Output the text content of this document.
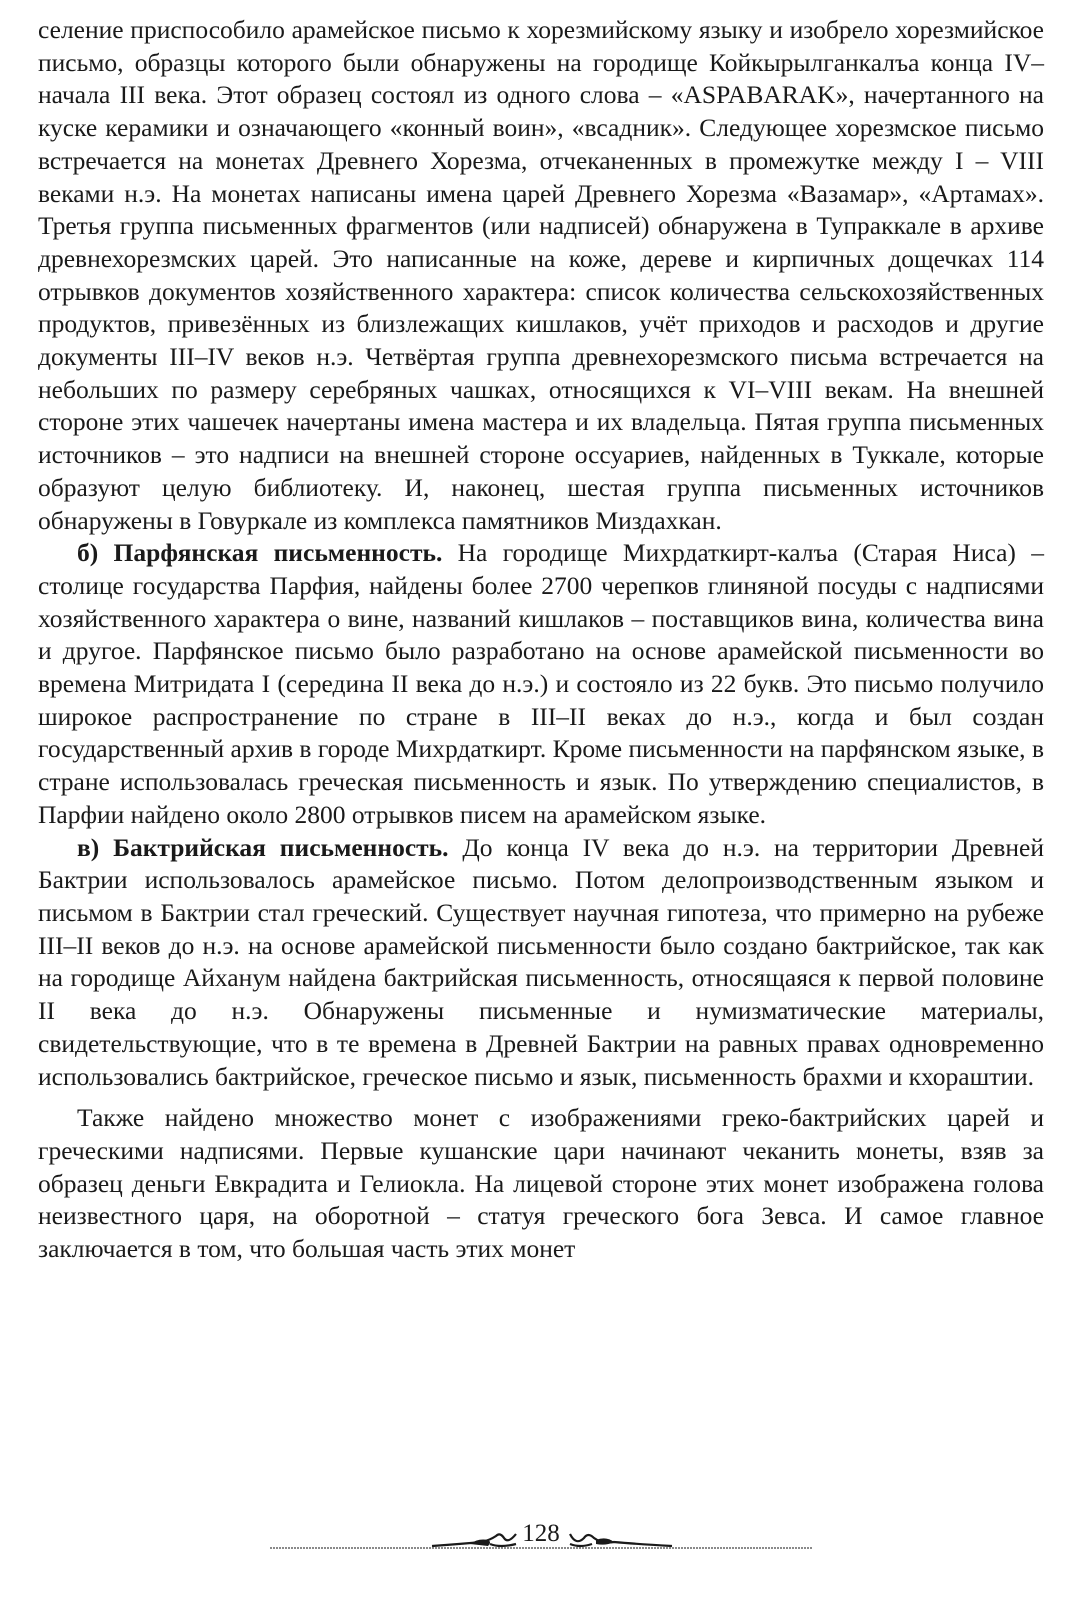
селение приспособило арамейское письмо к хорезмийскому языку и изобрело хорезмийское письмо, образцы которого были обнаружены на городище Койкырылганкалъа конца IV– начала III века. Этот образец состоял из одного слова – «ASPABARAK», начертанного на куске керамики и означающего «конный воин», «всадник». Следующее хорезмское письмо встречается на монетах Древнего Хорезма, отчеканенных в промежутке между I – VIII веками н.э. На монетах написаны имена царей Древнего Хорезма «Вазамар», «Артамах». Третья группа письменных фрагментов (или надписей) обнаружена в Тупраккале в архиве древнехорезмских царей. Это написанные на коже, дереве и кирпичных дощечках 114 отрывков документов хозяйственного характера: список количества сельскохозяйственных продуктов, привезённых из близлежащих кишлаков, учёт приходов и расходов и другие документы III–IV веков н.э. Четвёртая группа древнехорезмского письма встречается на небольших по размеру серебряных чашках, относящихся к VI–VIII векам. На внешней стороне этих чашечек начертаны имена мастера и их владельца. Пятая группа письменных источников – это надписи на внешней стороне оссуариев, найденных в Туккале, которые образуют целую библиотеку. И, наконец, шестая группа письменных источников обнаружены в Говуркале из комплекса памятников Миздахкан.

б) Парфянская письменность. На городище Михрдаткирт-калъа (Старая Ниса) – столице государства Парфия, найдены более 2700 черепков глиняной посуды с надписями хозяйственного характера о вине, названий кишлаков – поставщиков вина, количества вина и другое. Парфянское письмо было разработано на основе арамейской письменности во времена Митридата I (середина II века до н.э.) и состояло из 22 букв. Это письмо получило широкое распространение по стране в III–II веках до н.э., когда и был создан государственный архив в городе Михрдаткирт. Кроме письменности на парфянском языке, в стране использовалась греческая письменность и язык. По утверждению специалистов, в Парфии найдено около 2800 отрывков писем на арамейском языке.

в) Бактрийская письменность. До конца IV века до н.э. на территории Древней Бактрии использовалось арамейское письмо. Потом делопроизводственным языком и письмом в Бактрии стал греческий. Существует научная гипотеза, что примерно на рубеже III–II веков до н.э. на основе арамейской письменности было создано бактрийское, так как на городище Айханум найдена бактрийская письменность, относящаяся к первой половине II века до н.э. Обнаружены письменные и нумизматические материалы, свидетельствующие, что в те времена в Древней Бактрии на равных правах одновременно использовались бактрийское, греческое письмо и язык, письменность брахми и кхораштии.

Также найдено множество монет с изображениями греко-бактрийских царей и греческими надписями. Первые кушанские цари начинают чеканить монеты, взяв за образец деньги Евкрадита и Гелиокла. На лицевой стороне этих монет изображена голова неизвестного царя, на оборотной – статуя греческого бога Зевса. И самое главное заключается в том, что большая часть этих монет

128
